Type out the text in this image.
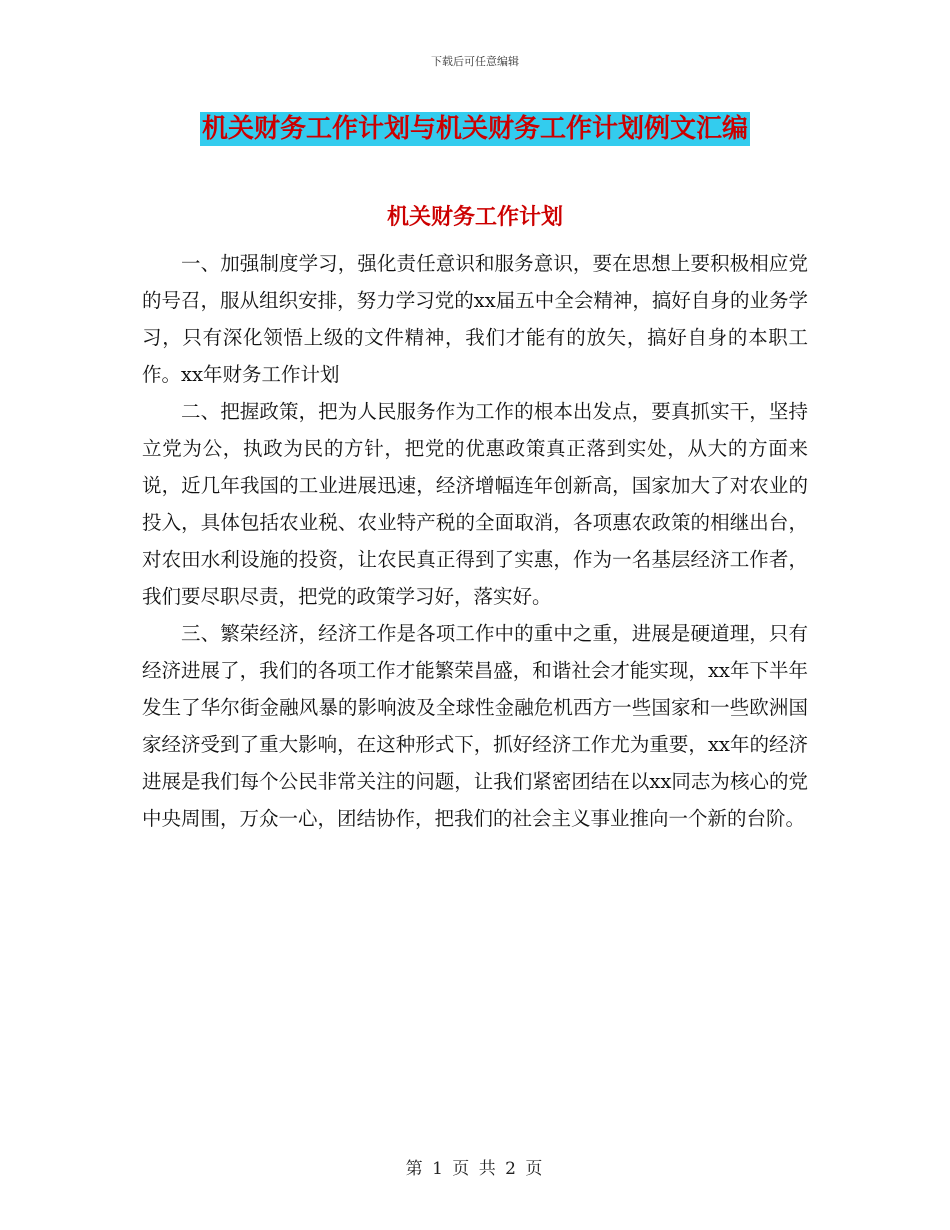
下载后可任意编辑
机关财务工作计划与机关财务工作计划例文汇编
机关财务工作计划

一、加强制度学习，强化责任意识和服务意识，要在思想上要积极相应党的号召，服从组织安排，努力学习党的xx届五中全会精神，搞好自身的业务学习，只有深化领悟上级的文件精神，我们才能有的放矢，搞好自身的本职工作。xx年财务工作计划

二、把握政策，把为人民服务作为工作的根本出发点，要真抓实干，坚持立党为公，执政为民的方针，把党的优惠政策真正落到实处，从大的方面来说，近几年我国的工业进展迅速，经济增幅连年创新高，国家加大了对农业的投入，具体包括农业税、农业特产税的全面取消，各项惠农政策的相继出台，对农田水利设施的投资，让农民真正得到了实惠，作为一名基层经济工作者，我们要尽职尽责，把党的政策学习好，落实好。

三、繁荣经济，经济工作是各项工作中的重中之重，进展是硬道理，只有经济进展了，我们的各项工作才能繁荣昌盛，和谐社会才能实现，xx年下半年发生了华尔街金融风暴的影响波及全球性金融危机西方一些国家和一些欧洲国家经济受到了重大影响，在这种形式下，抓好经济工作尤为重要，xx年的经济进展是我们每个公民非常关注的问题，让我们紧密团结在以xx同志为核心的党中央周围，万众一心，团结协作，把我们的社会主义事业推向一个新的台阶。

第 1 页 共 2 页
